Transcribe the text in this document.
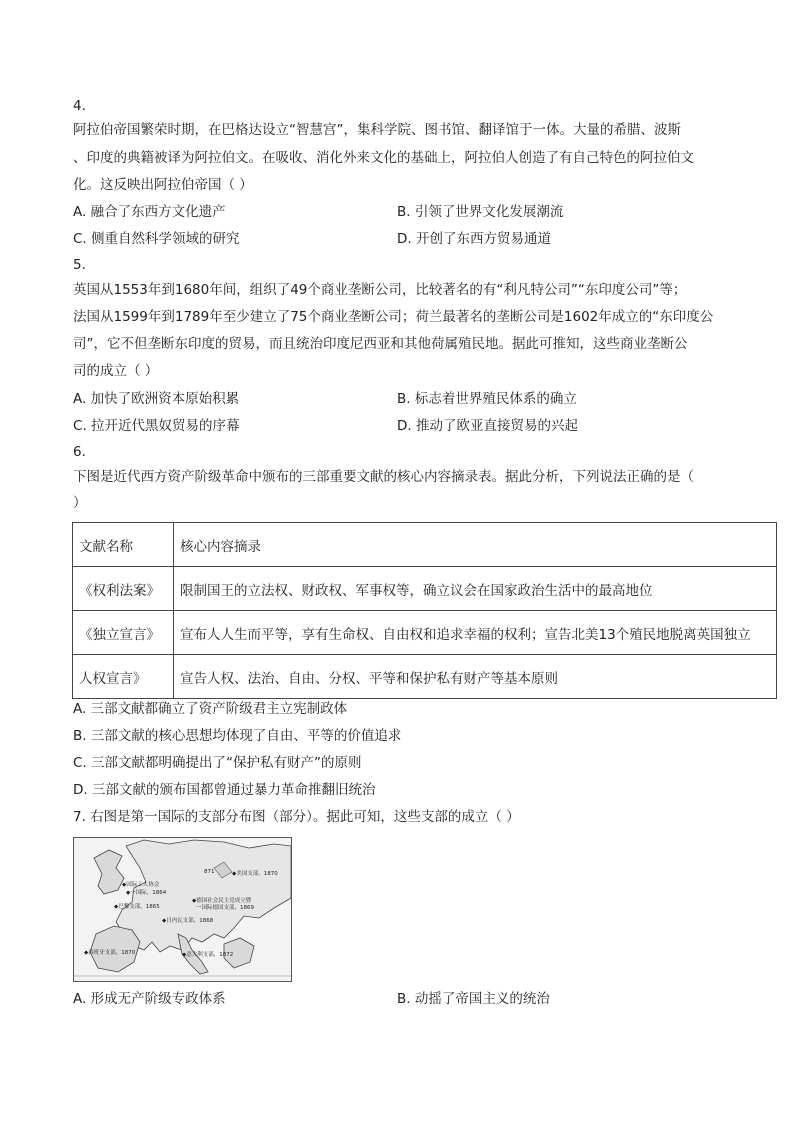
4.
阿拉伯帝国繁荣时期，在巴格达设立“智慧宫”，集科学院、图书馆、翻译馆于一体。大量的希腊、波斯
、印度的典籍被译为阿拉伯文。在吸收、消化外来文化的基础上，阿拉伯人创造了有自己特色的阿拉伯文
化。这反映出阿拉伯帝国（ ）
A. 融合了东西方文化遗产	B. 引领了世界文化发展潮流
C. 侧重自然科学领域的研究	D. 开创了东西方贸易通道
5.
英国从1553年到1680年间，组织了49个商业垄断公司，比较著名的有“利凡特公司”“东印度公司”等；
法国从1599年到1789年至少建立了75个商业垄断公司；荷兰最著名的垄断公司是1602年成立的“东印度公
司”，它不但垄断东印度的贸易，而且统治印度尼西亚和其他荷属殖民地。据此可推知，这些商业垄断公
司的成立（ ）
A. 加快了欧洲资本原始积累	B. 标志着世界殖民体系的确立
C. 拉开近代黑奴贸易的序幕	D. 推动了欧亚直接贸易的兴起
6.
下图是近代西方资产阶级革命中颁布的三部重要文献的核心内容摘录表。据此分析，下列说法正确的是（
）
文献名称	核心内容摘录
《权利法案》	限制国王的立法权、财政权、军事权等，确立议会在国家政治生活中的最高地位
《独立宣言》	宣布人人生而平等，享有生命权、自由权和追求幸福的权利；宣告北美13个殖民地脱离英国独立
人权宣言》	宣告人权、法治、自由、分权、平等和保护私有财产等基本原则
A. 三部文献都确立了资产阶级君主立宪制政体
B. 三部文献的核心思想均体现了自由、平等的价值追求
C. 三部文献都明确提出了“保护私有财产”的原则
D. 三部文献的颁布国都曾通过暴力革命推翻旧统治
7. 右图是第一国际的支部分布图（部分）。据此可知，这些支部的成立（ ）
871	◆美国支部，1870
◆国际工人协会
◆一国际，1864
◆德国社会民主党成立暨
一国际德国支部，1869
◆巴黎支部，1865
◆日内瓦支部，1868
◆西班牙支部，1870	◆意大利支部，1872
A. 形成无产阶级专政体系	B. 动摇了帝国主义的统治
